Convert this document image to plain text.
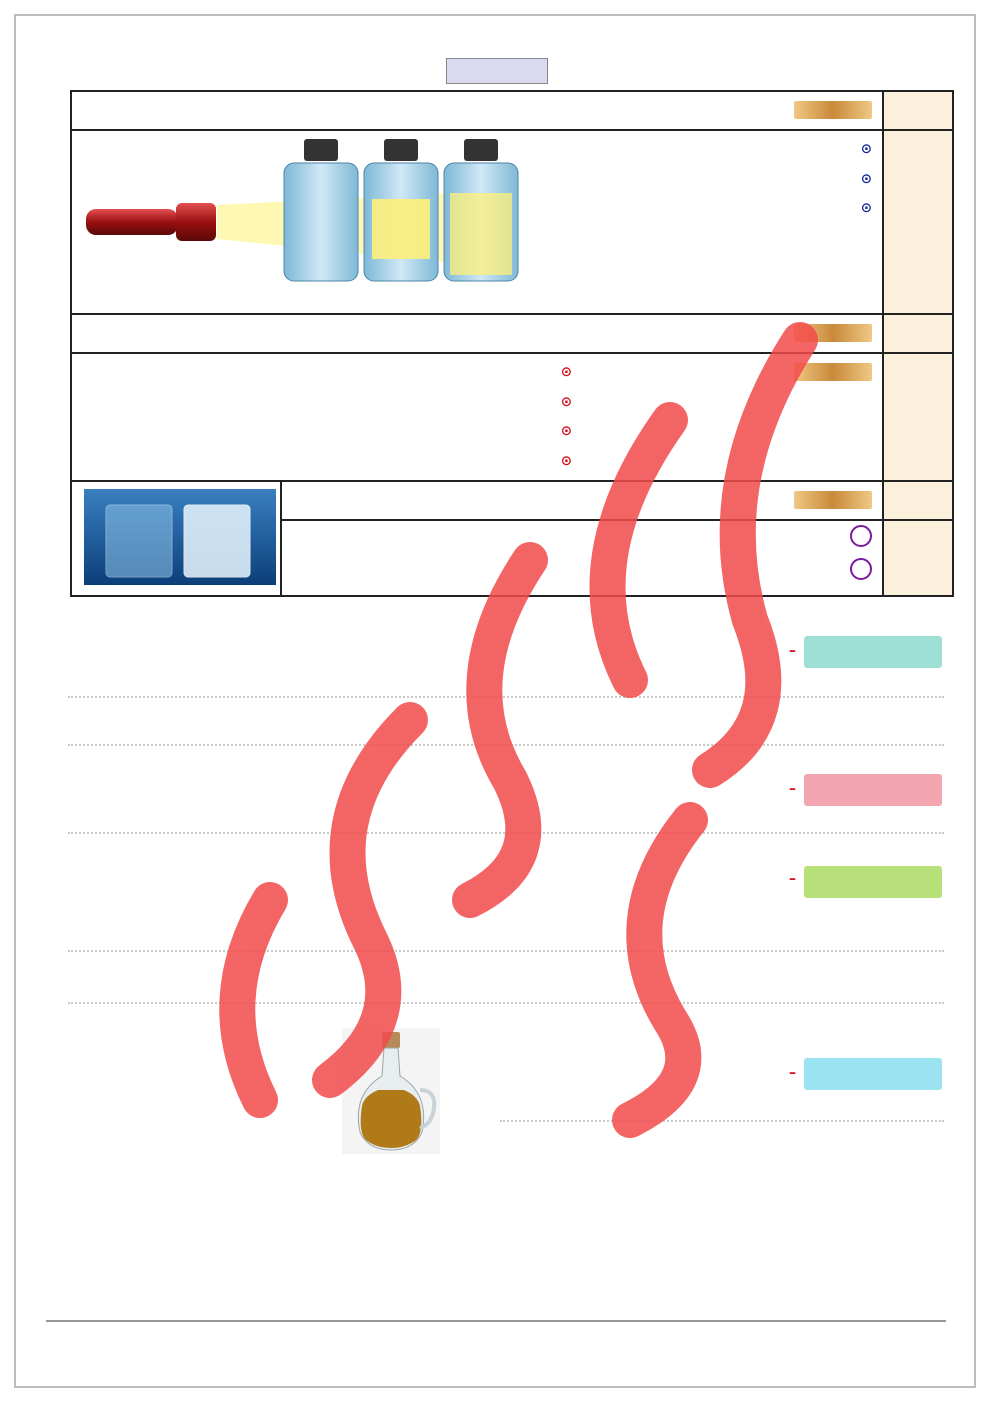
	⊙
⊙
⊙	

	⊙
⊙
⊙
⊙	

–
–
–
–
